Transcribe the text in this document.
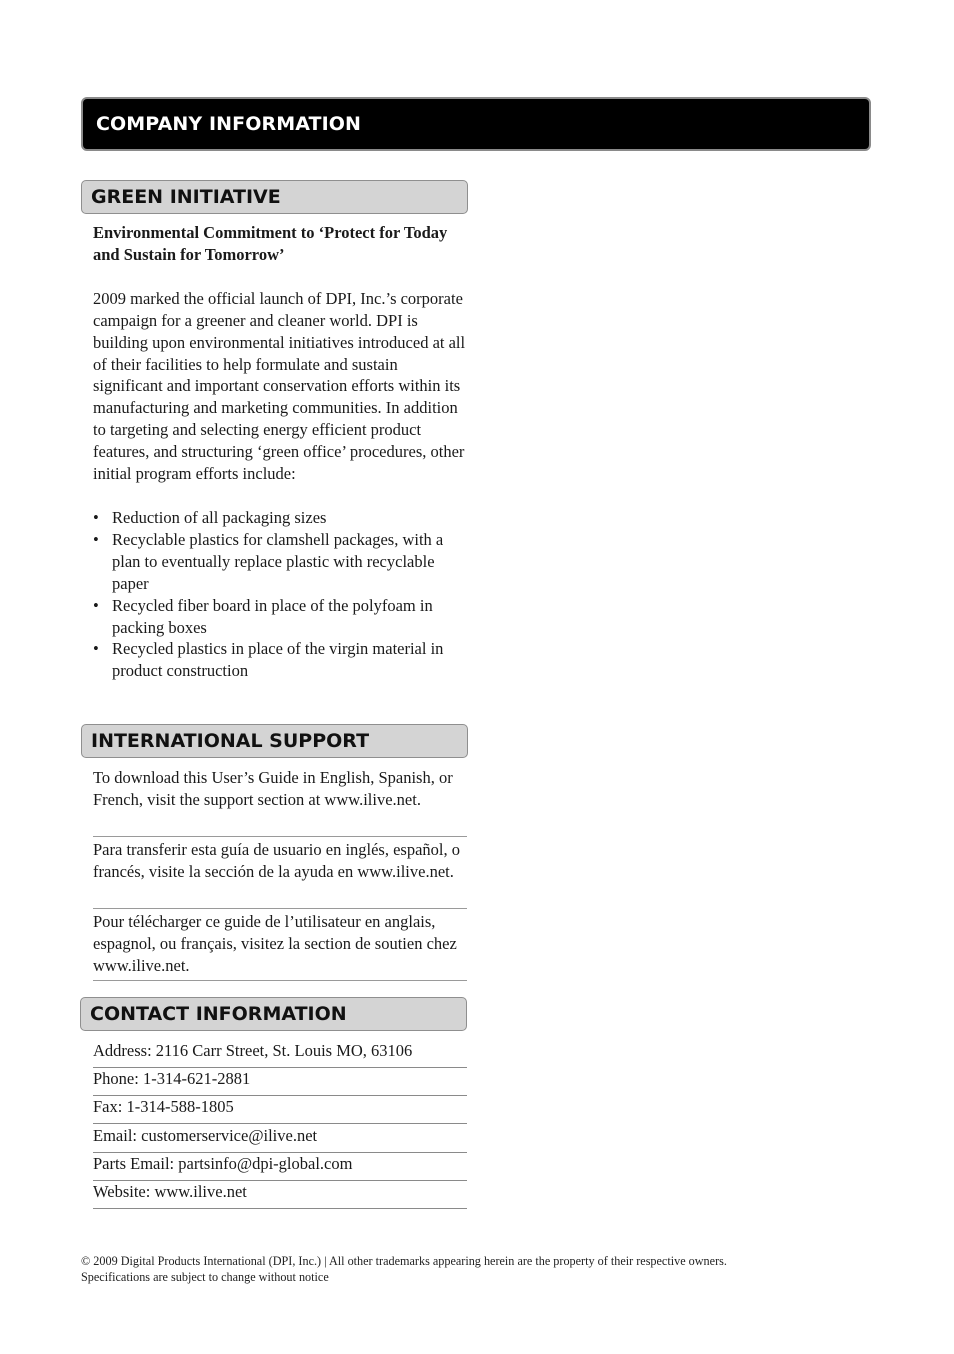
COMPANY INFORMATION
GREEN INITIATIVE

Environmental Commitment to ‘Protect for Today and Sustain for Tomorrow’

2009 marked the official launch of DPI, Inc.’s corporate campaign for a greener and cleaner world. DPI is building upon environmental initiatives introduced at all of their facilities to help formulate and sustain significant and important conservation efforts within its manufacturing and marketing communities. In addition to targeting and selecting energy efficient product features, and structuring ‘green office’ procedures, other initial program efforts include:

• Reduction of all packaging sizes
• Recyclable plastics for clamshell packages, with a plan to eventually replace plastic with recyclable paper
• Recycled fiber board in place of the polyfoam in packing boxes
• Recycled plastics in place of the virgin material in product construction
INTERNATIONAL SUPPORT
To download this User’s Guide in English, Spanish, or French, visit the support section at www.ilive.net.
Para transferir esta guía de usuario en inglés, español, o francés, visite la sección de la ayuda en www.ilive.net.
Pour télécharger ce guide de l’utilisateur en anglais, espagnol, ou français, visitez la section de soutien chez www.ilive.net.
CONTACT INFORMATION
Address: 2116 Carr Street, St. Louis MO, 63106
Phone: 1-314-621-2881
Fax: 1-314-588-1805
Email: customerservice@ilive.net
Parts Email: partsinfo@dpi-global.com
Website: www.ilive.net
© 2009 Digital Products International (DPI, Inc.) | All other trademarks appearing herein are the property of their respective owners.
Specifications are subject to change without notice
